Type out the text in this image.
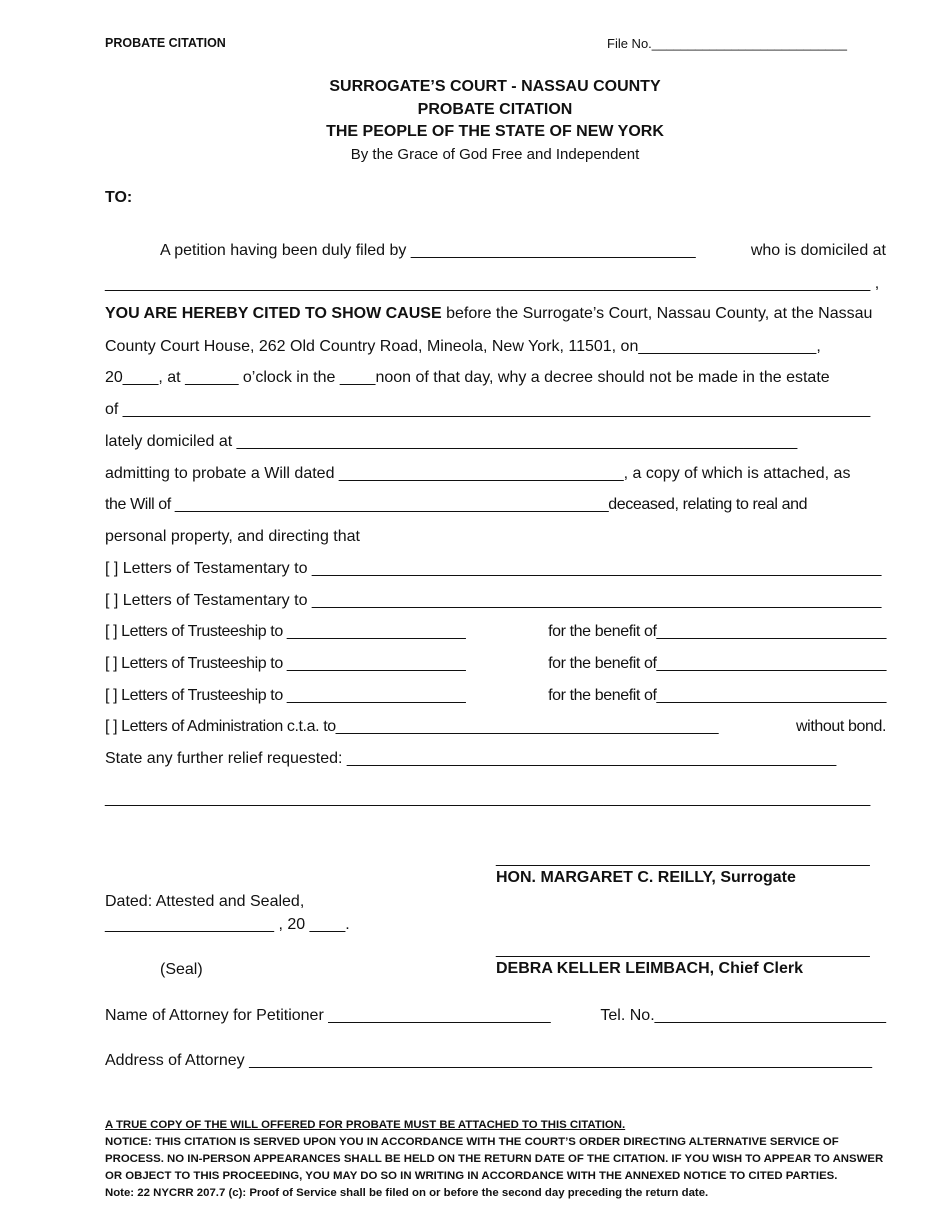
PROBATE CITATION	File No.___________________________
SURROGATE’S COURT - NASSAU COUNTY
PROBATE CITATION
THE PEOPLE OF THE STATE OF NEW YORK
By the Grace of God Free and Independent
TO:
A petition having been duly filed by ________________________________	who is domiciled at
______________________________________________________________________________________ ,
YOU ARE HEREBY CITED TO SHOW CAUSE before the Surrogate’s Court, Nassau County, at the Nassau
County Court House, 262 Old Country Road, Mineola, New York, 11501, on____________________,
20____, at ______ o’clock in the ____noon of that day, why a decree should not be made in the estate
of ____________________________________________________________________________________
lately domiciled at _______________________________________________________________
admitting to probate a Will dated ________________________________, a copy of which is attached, as
the Will of ___________________________________________________deceased, relating to real and
personal property, and directing that
[ ] Letters of Testamentary to ________________________________________________________________
[ ] Letters of Testamentary to ________________________________________________________________
[ ] Letters of Trusteeship to _____________________	for the benefit of___________________________
[ ] Letters of Trusteeship to _____________________	for the benefit of___________________________
[ ] Letters of Trusteeship to _____________________	for the benefit of___________________________
[ ] Letters of Administration c.t.a. to_____________________________________________	without bond.
State any further relief requested: _______________________________________________________
______________________________________________________________________________________
__________________________________________
HON. MARGARET C. REILLY, Surrogate
Dated: Attested and Sealed,
___________________ , 20 ____.
__________________________________________
DEBRA KELLER LEIMBACH, Chief Clerk
(Seal)
Name of Attorney for Petitioner _________________________	Tel. No.__________________________
Address of Attorney ______________________________________________________________________
A TRUE COPY OF THE WILL OFFERED FOR PROBATE MUST BE ATTACHED TO THIS CITATION.
NOTICE: THIS CITATION IS SERVED UPON YOU IN ACCORDANCE WITH THE COURT’S ORDER DIRECTING ALTERNATIVE SERVICE OF PROCESS. NO IN-PERSON APPEARANCES SHALL BE HELD ON THE RETURN DATE OF THE CITATION. IF YOU WISH TO APPEAR TO ANSWER OR OBJECT TO THIS PROCEEDING, YOU MAY DO SO IN WRITING IN ACCORDANCE WITH THE ANNEXED NOTICE TO CITED PARTIES.
Note: 22 NYCRR 207.7 (c): Proof of Service shall be filed on or before the second day preceding the return date.
